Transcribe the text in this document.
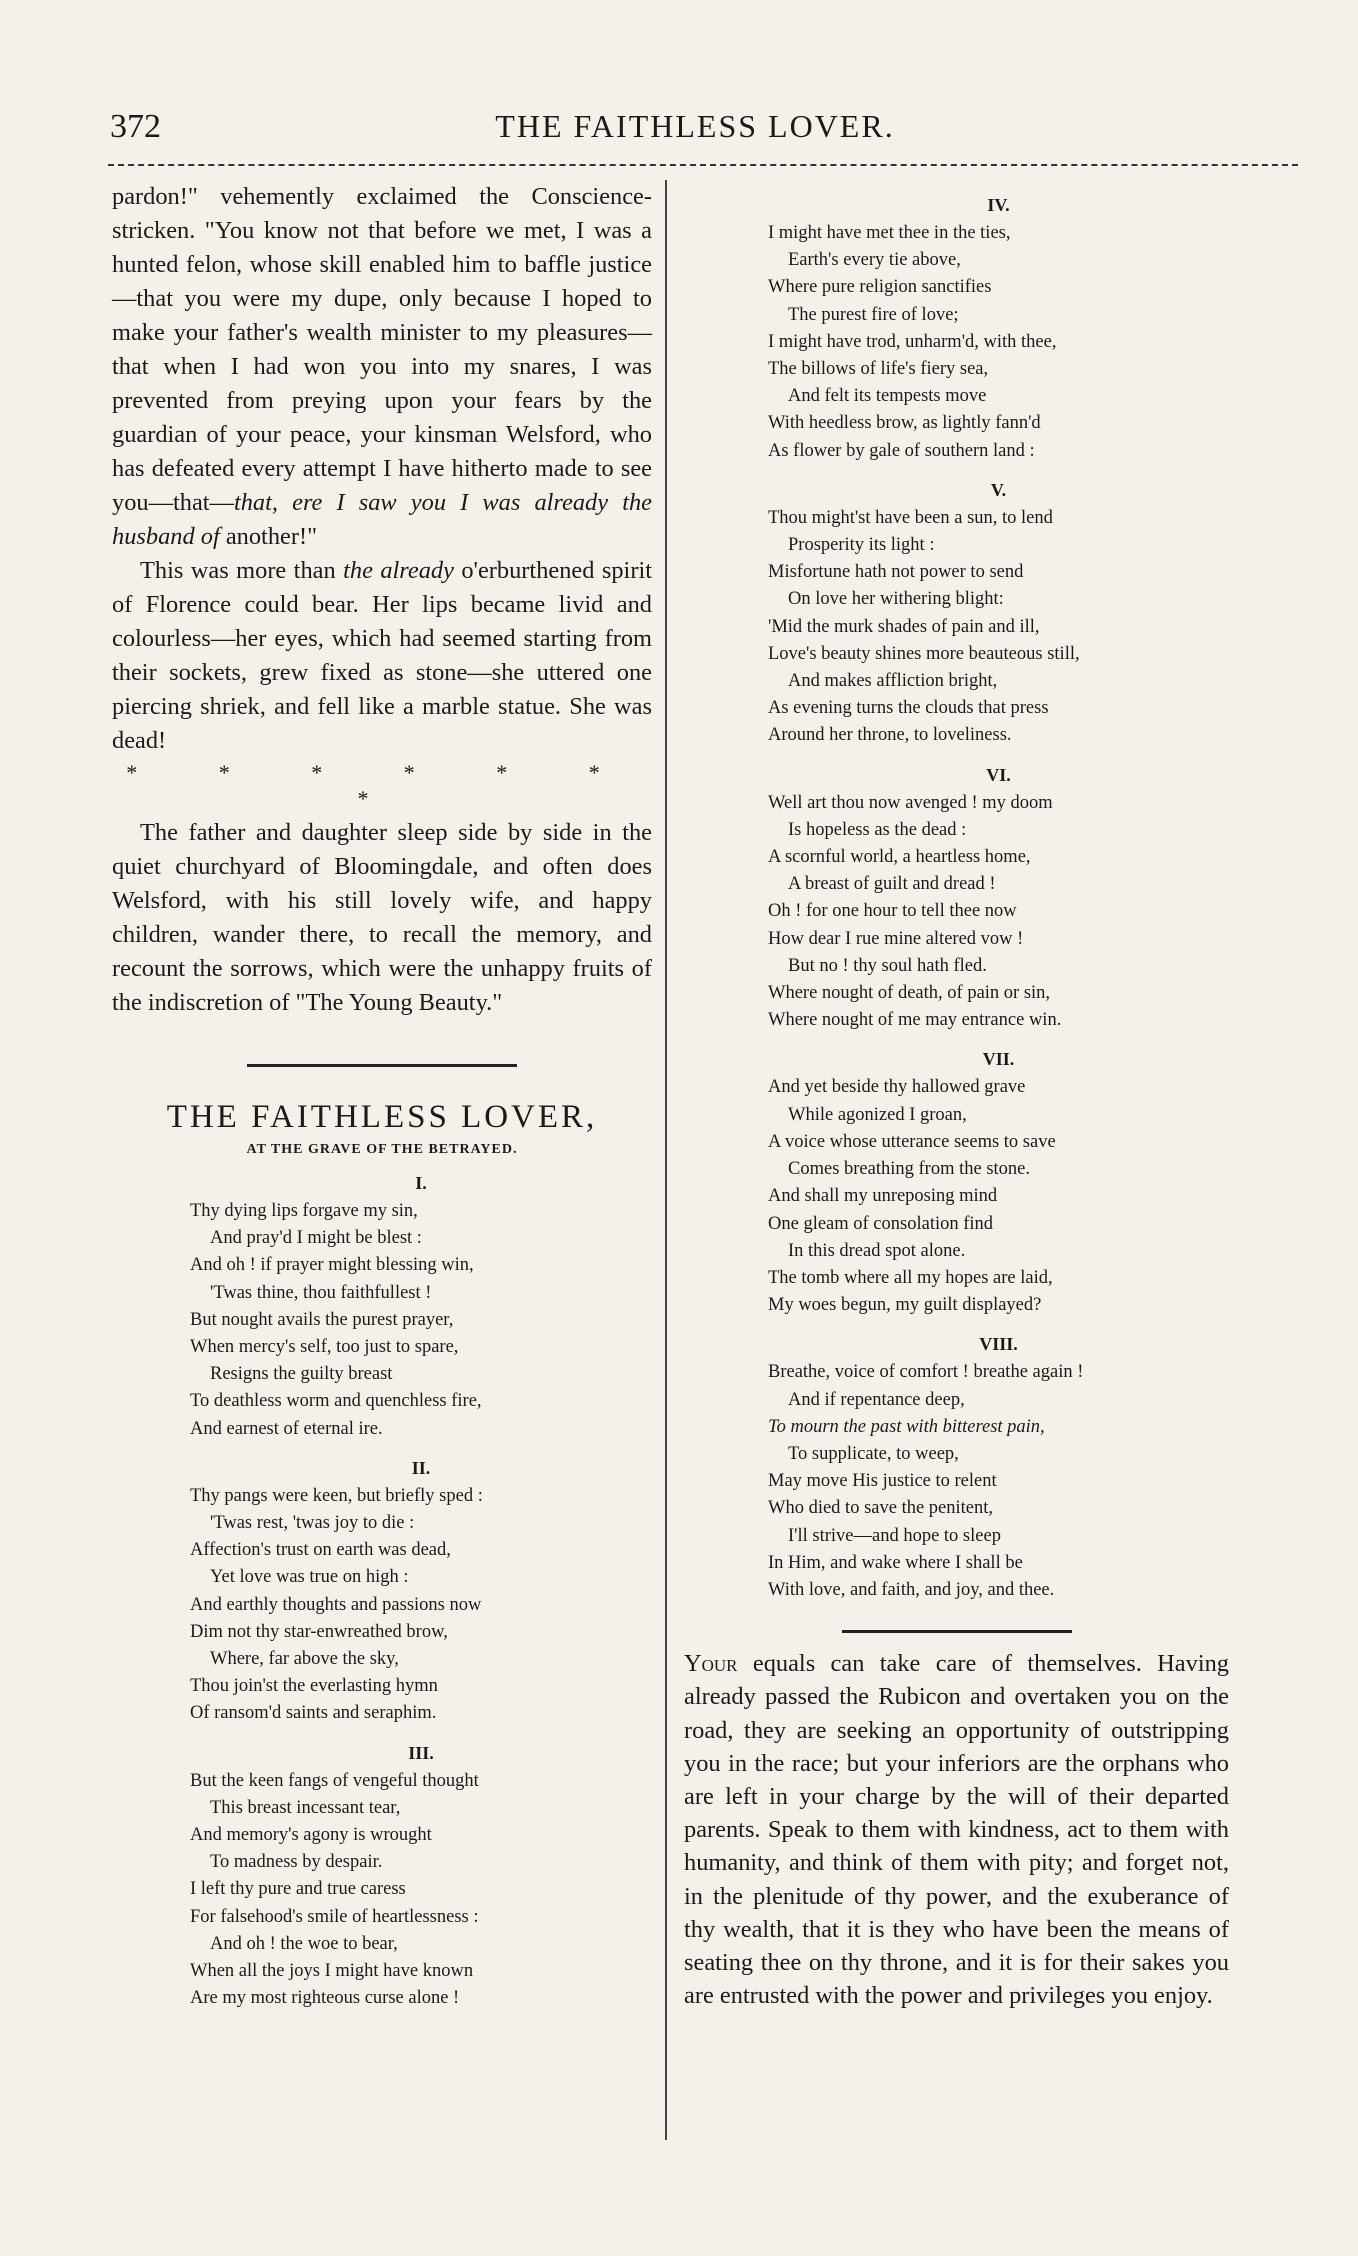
372	THE FAITHLESS LOVER.

pardon!" vehemently exclaimed the Conscience-stricken. "You know not that before we met, I was a hunted felon, whose skill enabled him to baffle justice—that you were my dupe, only because I hoped to make your father's wealth minister to my pleasures—that when I had won you into my snares, I was prevented from preying upon your fears by the guardian of your peace, your kinsman Welsford, who has defeated every attempt I have hitherto made to see you—that—that, ere I saw you I was already the husband of another!"

This was more than the already o'erburthened spirit of Florence could bear. Her lips became livid and colourless—her eyes, which had seemed starting from their sockets, grew fixed as stone—she uttered one piercing shriek, and fell like a marble statue. She was dead!

* * * * * * *

The father and daughter sleep side by side in the quiet churchyard of Bloomingdale, and often does Welsford, with his still lovely wife, and happy children, wander there, to recall the memory, and recount the sorrows, which were the unhappy fruits of the indiscretion of "The Young Beauty."

THE FAITHLESS LOVER,
AT THE GRAVE OF THE BETRAYED.
I.
Thy dying lips forgave my sin,
And pray'd I might be blest :
And oh ! if prayer might blessing win,
'Twas thine, thou faithfullest !
But nought avails the purest prayer,
When mercy's self, too just to spare,
Resigns the guilty breast
To deathless worm and quenchless fire,
And earnest of eternal ire.
II.
Thy pangs were keen, but briefly sped :
'Twas rest, 'twas joy to die :
Affection's trust on earth was dead,
Yet love was true on high :
And earthly thoughts and passions now
Dim not thy star-enwreathed brow,
Where, far above the sky,
Thou join'st the everlasting hymn
Of ransom'd saints and seraphim.
III.
But the keen fangs of vengeful thought
This breast incessant tear,
And memory's agony is wrought
To madness by despair.
I left thy pure and true caress
For falsehood's smile of heartlessness :
And oh ! the woe to bear,
When all the joys I might have known
Are my most righteous curse alone !
IV.
I might have met thee in the ties,
Earth's every tie above,
Where pure religion sanctifies
The purest fire of love;
I might have trod, unharm'd, with thee,
The billows of life's fiery sea,
And felt its tempests move
With heedless brow, as lightly fann'd
As flower by gale of southern land :
V.
Thou might'st have been a sun, to lend
Prosperity its light :
Misfortune hath not power to send
On love her withering blight:
'Mid the murk shades of pain and ill,
Love's beauty shines more beauteous still,
And makes affliction bright,
As evening turns the clouds that press
Around her throne, to loveliness.
VI.
Well art thou now avenged ! my doom
Is hopeless as the dead :
A scornful world, a heartless home,
A breast of guilt and dread !
Oh ! for one hour to tell thee now
How dear I rue mine altered vow !
But no ! thy soul hath fled.
Where nought of death, of pain or sin,
Where nought of me may entrance win.
VII.
And yet beside thy hallowed grave
While agonized I groan,
A voice whose utterance seems to save
Comes breathing from the stone.
And shall my unreposing mind
One gleam of consolation find
In this dread spot alone.
The tomb where all my hopes are laid,
My woes begun, my guilt displayed?
VIII.
Breathe, voice of comfort ! breathe again !
And if repentance deep,
To mourn the past with bitterest pain,
To supplicate, to weep,
May move His justice to relent
Who died to save the penitent,
I'll strive—and hope to sleep
In Him, and wake where I shall be
With love, and faith, and joy, and thee.

Your equals can take care of themselves. Having already passed the Rubicon and overtaken you on the road, they are seeking an opportunity of outstripping you in the race; but your inferiors are the orphans who are left in your charge by the will of their departed parents. Speak to them with kindness, act to them with humanity, and think of them with pity; and forget not, in the plenitude of thy power, and the exuberance of thy wealth, that it is they who have been the means of seating thee on thy throne, and it is for their sakes you are entrusted with the power and privileges you enjoy.
